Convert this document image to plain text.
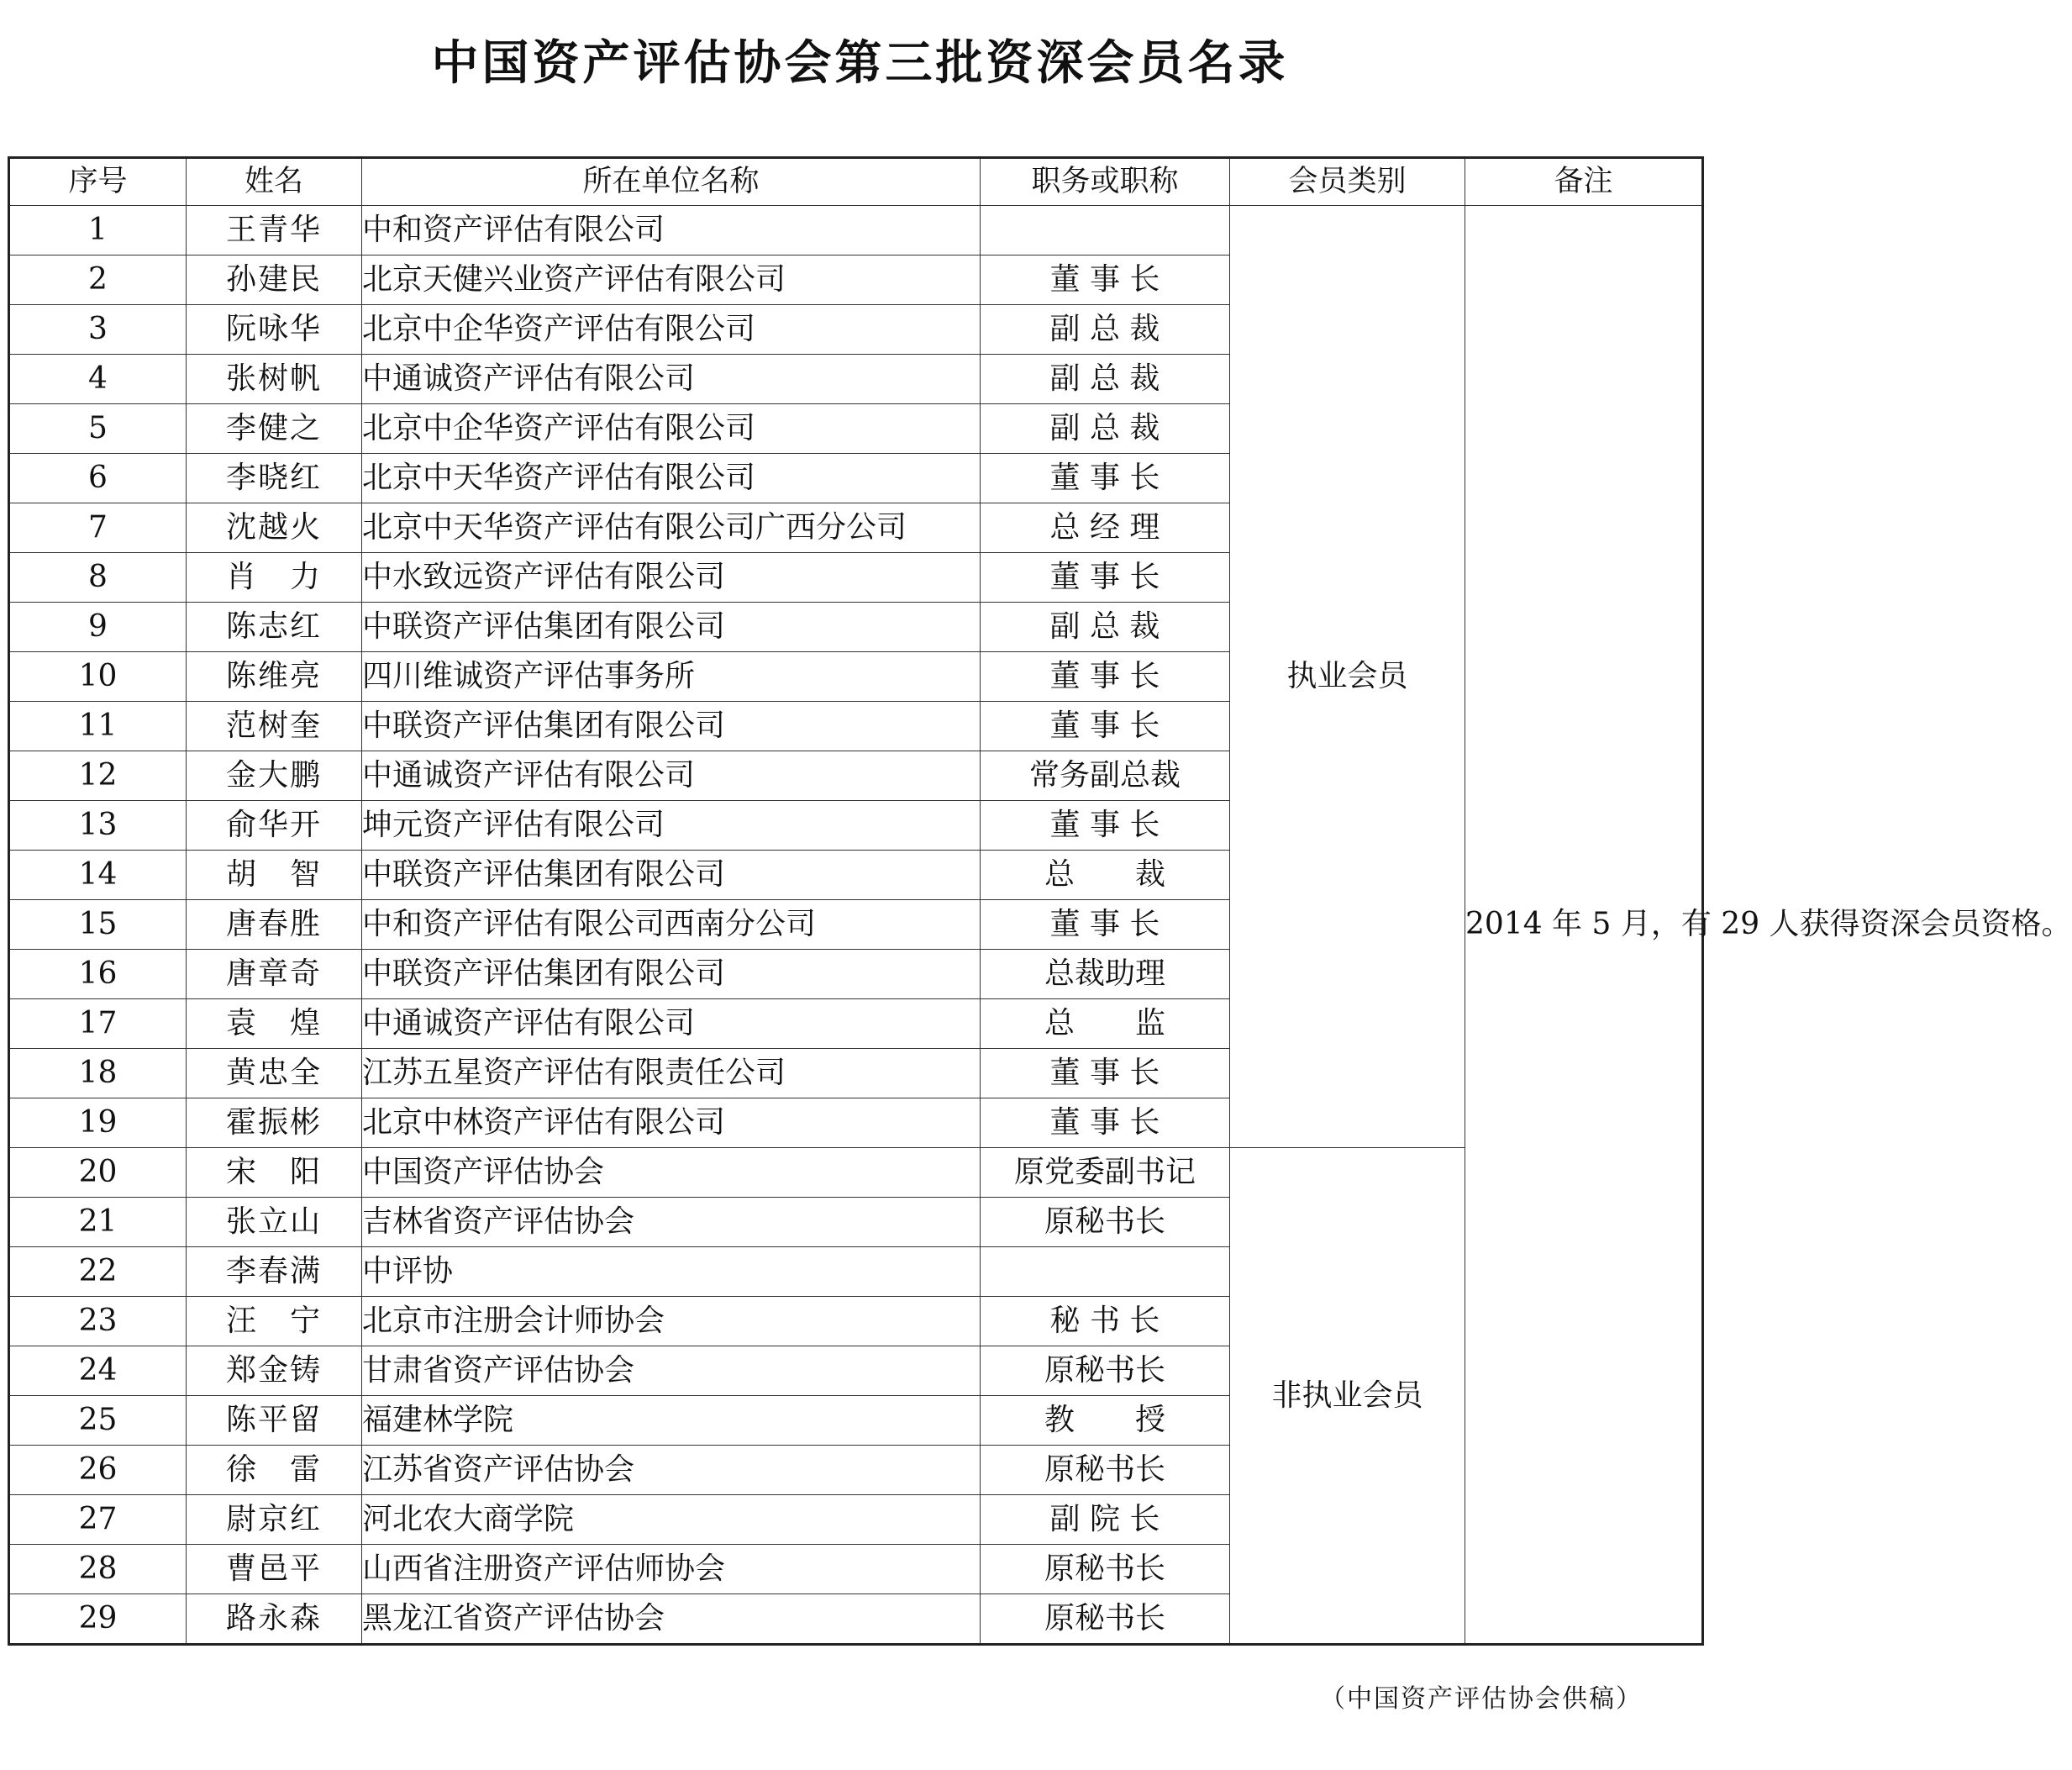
中国资产评估协会第三批资深会员名录
序号	姓名	所在单位名称	职务或职称	会员类别	备注
1	王青华	中和资产评估有限公司		执业会员	2014 年 5 月，有 29 人获得资深会员资格。
2	孙建民	北京天健兴业资产评估有限公司	董 事 长		
3	阮咏华	北京中企华资产评估有限公司	副 总 裁		
4	张树帆	中通诚资产评估有限公司	副 总 裁		
5	李健之	北京中企华资产评估有限公司	副 总 裁		
6	李晓红	北京中天华资产评估有限公司	董 事 长		
7	沈越火	北京中天华资产评估有限公司广西分公司	总 经 理		
8	肖　力	中水致远资产评估有限公司	董 事 长		
9	陈志红	中联资产评估集团有限公司	副 总 裁		
10	陈维亮	四川维诚资产评估事务所	董 事 长		
11	范树奎	中联资产评估集团有限公司	董 事 长		
12	金大鹏	中通诚资产评估有限公司	常务副总裁		
13	俞华开	坤元资产评估有限公司	董 事 长		
14	胡　智	中联资产评估集团有限公司	总　　裁		
15	唐春胜	中和资产评估有限公司西南分公司	董 事 长		
16	唐章奇	中联资产评估集团有限公司	总裁助理		
17	袁　煌	中通诚资产评估有限公司	总　　监		
18	黄忠全	江苏五星资产评估有限责任公司	董 事 长		
19	霍振彬	北京中林资产评估有限公司	董 事 长		
20	宋　阳	中国资产评估协会	原党委副书记	非执业会员	
21	张立山	吉林省资产评估协会	原秘书长		
22	李春满	中评协			
23	汪　宁	北京市注册会计师协会	秘 书 长		
24	郑金铸	甘肃省资产评估协会	原秘书长		
25	陈平留	福建林学院	教　　授		
26	徐　雷	江苏省资产评估协会	原秘书长		
27	尉京红	河北农大商学院	副 院 长		
28	曹邑平	山西省注册资产评估师协会	原秘书长		
29	路永森	黑龙江省资产评估协会	原秘书长		
（中国资产评估协会供稿）
